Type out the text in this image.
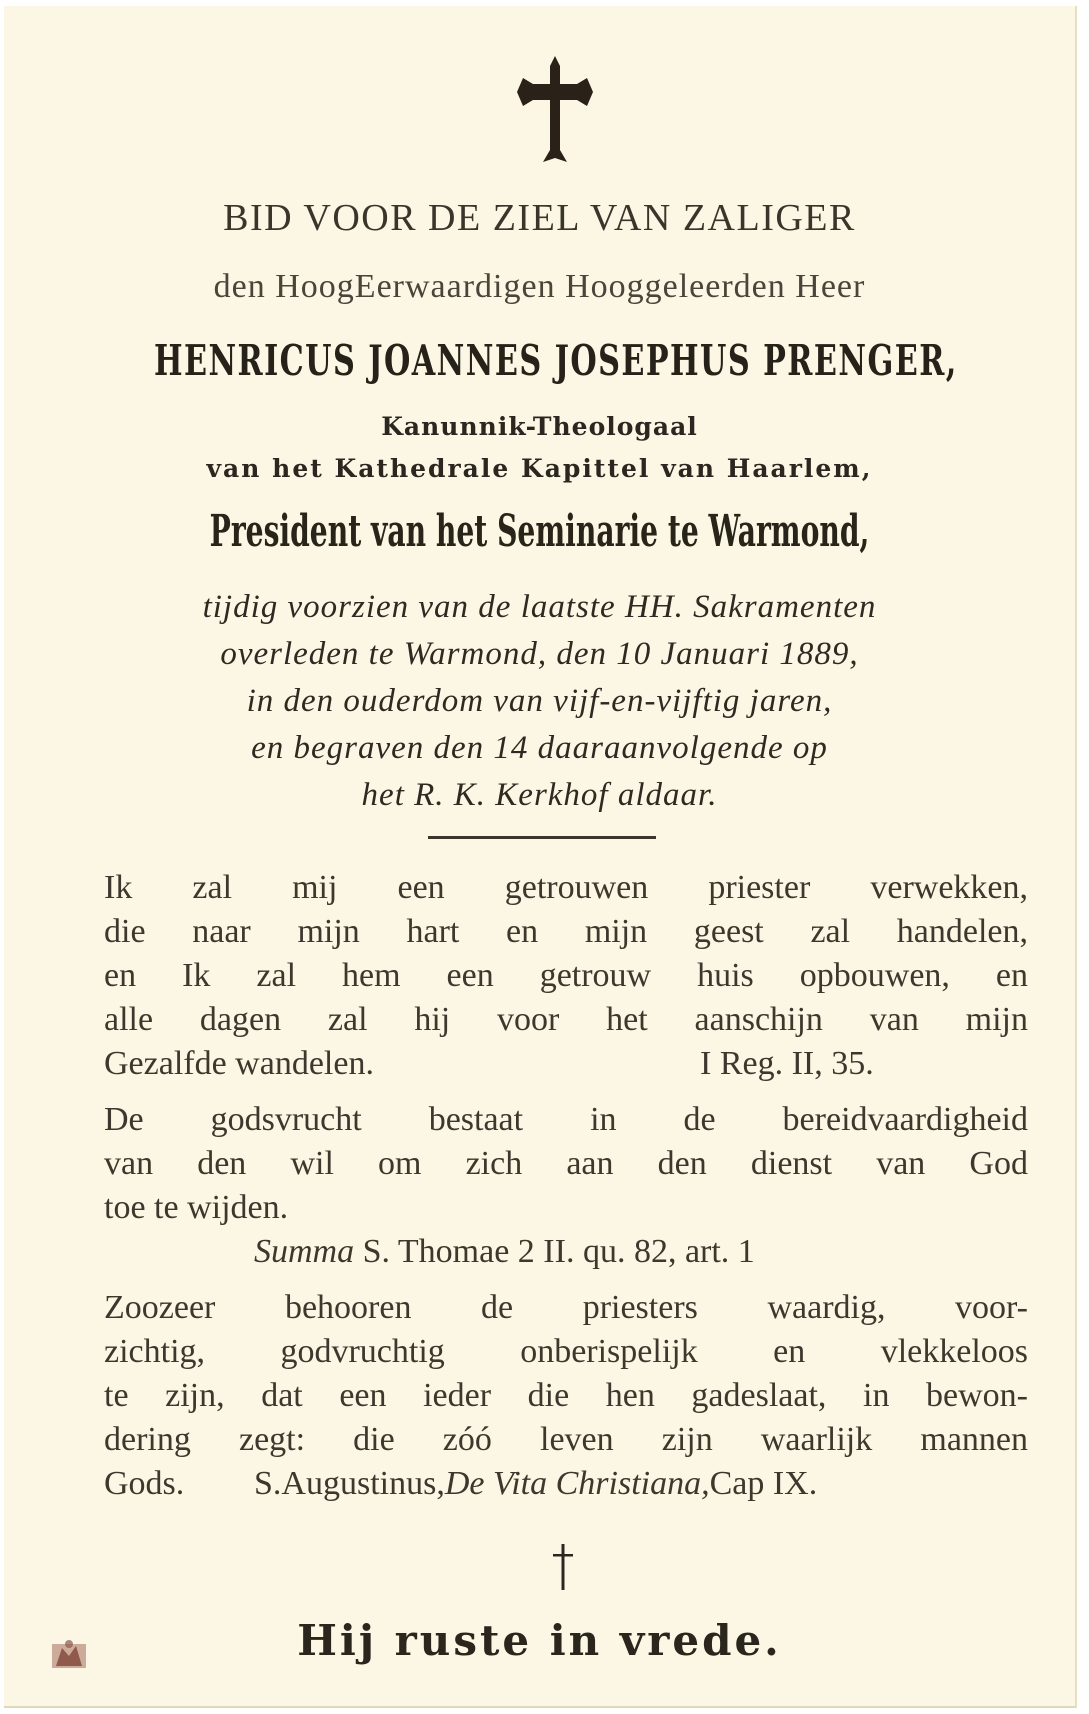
BID VOOR DE ZIEL VAN ZALIGER
den HoogEerwaardigen Hooggeleerden Heer
HENRICUS JOANNES JOSEPHUS PRENGER,
Kanunnik-Theologaal
van het Kathedrale Kapittel van Haarlem,
President van het Seminarie te Warmond,
tijdig voorzien van de laatste HH. Sakramenten
overleden te Warmond, den 10 Januari 1889,
in den ouderdom van vijf-en-vijftig jaren,
en begraven den 14 daaraanvolgende op
het R. K. Kerkhof aldaar.
Ik zal mij een getrouwen priester verwekken,
die naar mijn hart en mijn geest zal handelen,
en Ik zal hem een getrouw huis opbouwen, en
alle dagen zal hij voor het aanschijn van mijn
Gezalfde wandelen.	I Reg. II, 35.
De godsvrucht bestaat in de bereidvaardigheid
van den wil om zich aan den dienst van God
toe te wijden.
Summa S. Thomae 2 II. qu. 82, art. 1
Zoozeer behooren de priesters waardig, voor-
zichtig, godvruchtig onberispelijk en vlekkeloos
te zijn, dat een ieder die hen gadeslaat, in bewon-
dering zegt: die zóó leven zijn waarlijk mannen
Gods. S.Augustinus,De Vita Christiana,Cap IX.
Hij ruste in vrede.
